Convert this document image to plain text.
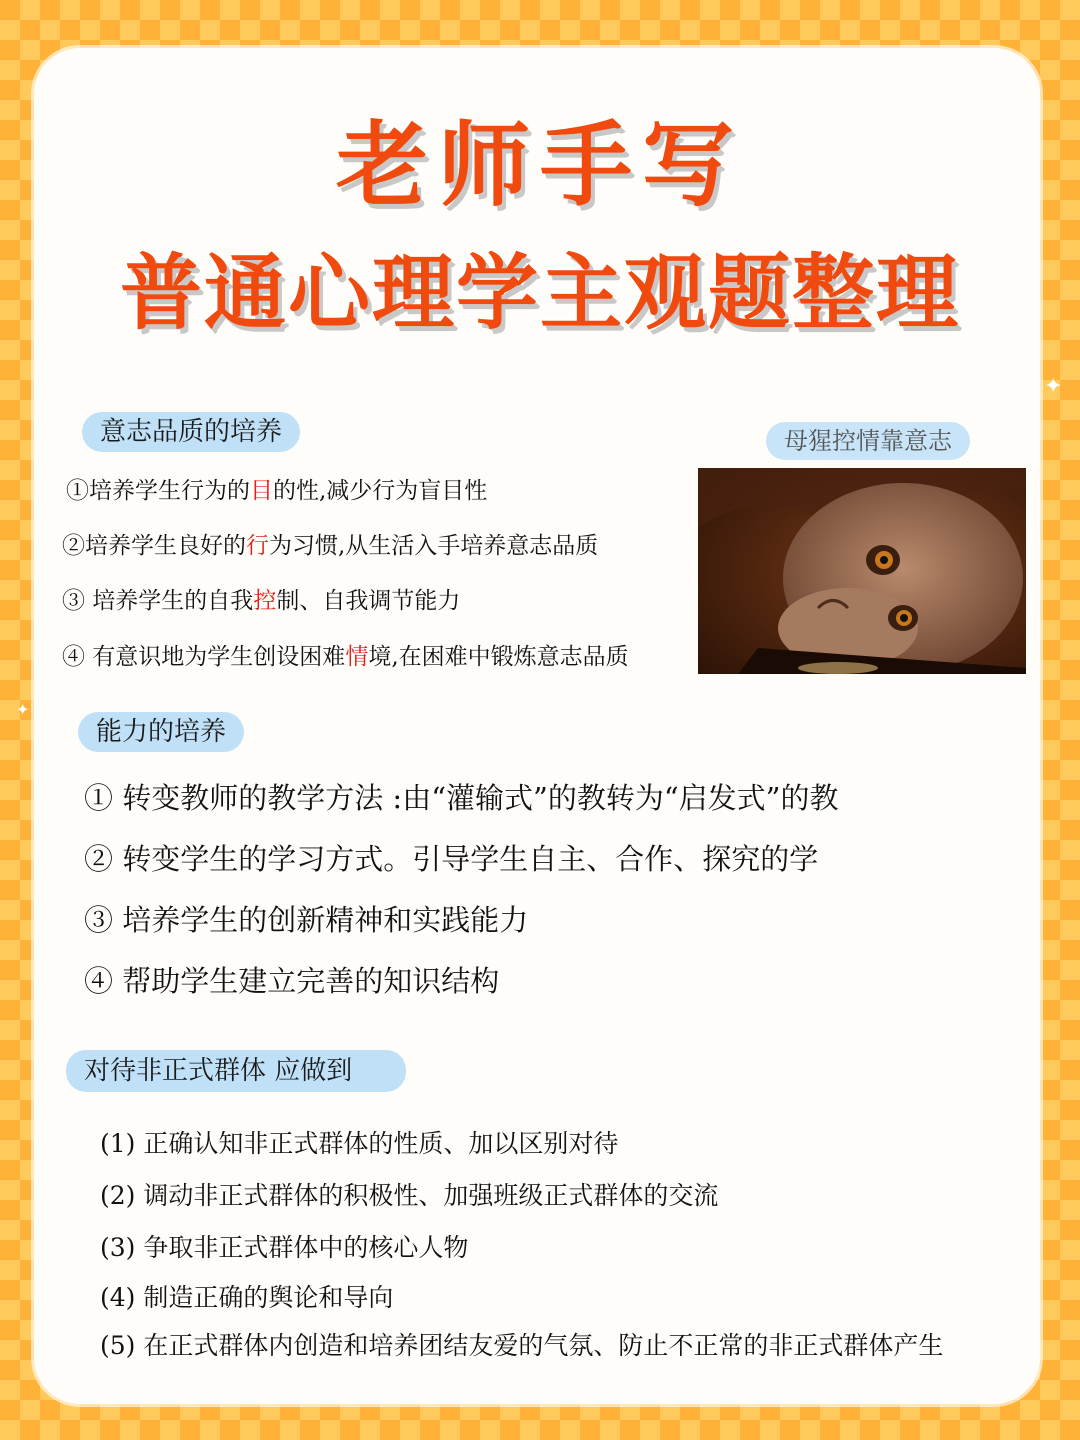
老师手写
普通心理学主观题整理
✦
✦
意志品质的培养
①培养学生行为的目的性,减少行为盲目性
②培养学生良好的行为习惯,从生活入手培养意志品质
③ 培养学生的自我控制、自我调节能力
④ 有意识地为学生创设困难情境,在困难中锻炼意志品质
母猩控情靠意志
能力的培养
① 转变教师的教学方法 :由“灌输式”的教转为“启发式”的教
② 转变学生的学习方式。引导学生自主、合作、探究的学
③ 培养学生的创新精神和实践能力
④ 帮助学生建立完善的知识结构
对待非正式群体 应做到
(1) 正确认知非正式群体的性质、加以区别对待
(2) 调动非正式群体的积极性、加强班级正式群体的交流
(3) 争取非正式群体中的核心人物
(4) 制造正确的舆论和导向
(5) 在正式群体内创造和培养团结友爱的气氛、防止不正常的非正式群体产生
